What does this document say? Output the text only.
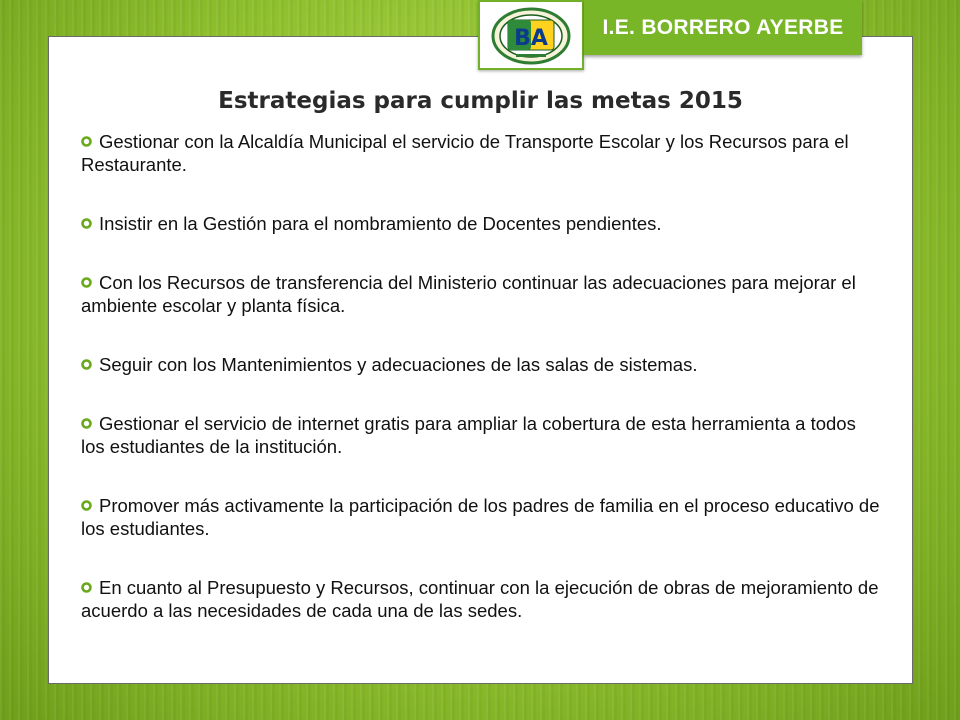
BA	I.E. BORRERO AYERBE
Estrategias para cumplir las metas 2015
Gestionar con la Alcaldía Municipal el servicio de Transporte Escolar y los Recursos para el Restaurante.
Insistir en la Gestión para el nombramiento de Docentes pendientes.
Con los Recursos de transferencia del Ministerio continuar las adecuaciones para mejorar el ambiente escolar y planta física.
Seguir con los Mantenimientos y adecuaciones de las salas de sistemas.
Gestionar el servicio de internet gratis para ampliar la cobertura de esta herramienta a todos los estudiantes de la institución.
Promover más activamente la participación de los padres de familia en el proceso educativo de los estudiantes.
En cuanto al Presupuesto y Recursos, continuar con la ejecución de obras de mejoramiento de acuerdo a las necesidades de cada una de las sedes.
